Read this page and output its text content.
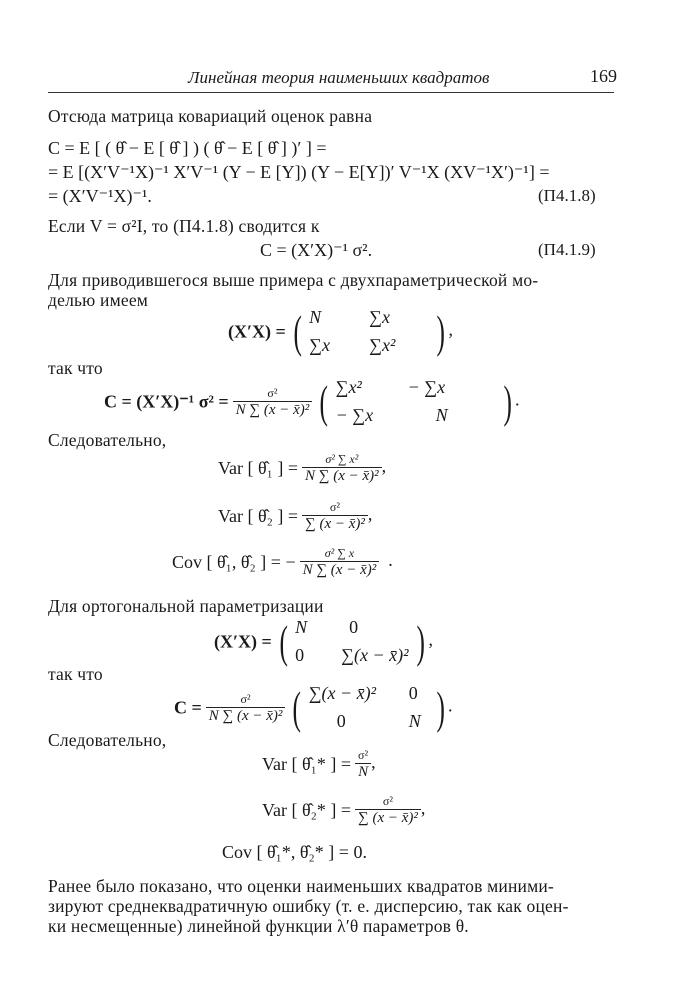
Линейная теория наименьших квадратов	169
Отсюда матрица ковариаций оценок равна
C = E [ ( θ̂ − E [ θ̂ ] ) ( θ̂ − E [ θ̂ ] )′ ] =
= E [(X′V⁻¹X)⁻¹ X′V⁻¹ (Y − E [Y]) (Y − E[Y])′ V⁻¹X (XV⁻¹X′)⁻¹] =
= (X′V⁻¹X)⁻¹.	(П4.1.8)
Если V = σ²I, то (П4.1.8) сводится к
C = (X′X)⁻¹ σ².	(П4.1.9)
Для приводившегося выше примера с двухпараметрической мо-
делью имеем
(X′X) = ( N	∑x
∑x ∑x² ) ,
так что
C = (X′X)⁻¹ $\sigma^2 = \frac{\text{σ²}}{\text{N ∑ (x − x̄)²}}$ ( ∑x²	− ∑x
− ∑x	N	) .
Следовательно,
Var [ θ̂₁ ] = $\frac{\text{σ² ∑ x²}}{\text{N ∑ (x − x̄)²}}$ ,
Var [ θ̂₂ ] = $\frac{\text{σ²}}{\text{∑ (x − x̄)²}}$ ,
Cov [ θ̂₁, θ̂₂ ] = − $\frac{\text{σ² ∑ x}}{\text{N ∑ (x − x̄)²}}$ .
Для ортогональной параметризации
(X′X) = ( N 0
0 ∑(x − x̄)² ) ,
так что
$C = \frac{\text{σ²}}{\text{N ∑ (x − x̄)²}}$ ( ∑(x − x̄)² 0
0	N ) .
Следовательно,
Var [ θ̂₁* ] = $\frac{\text{σ²}}{N}$ ,
Var [ θ̂₂* ] = $\frac{\text{σ²}}{\text{∑ (x − x̄)²}}$ ,
Cov [ θ̂₁*, θ̂₂* ] = 0.
Ранее было показано, что оценки наименьших квадратов миними-
зируют среднеквадратичную ошибку (т. е. дисперсию, так как оцен-
ки несмещенные) линейной функции λ′θ параметров θ.
